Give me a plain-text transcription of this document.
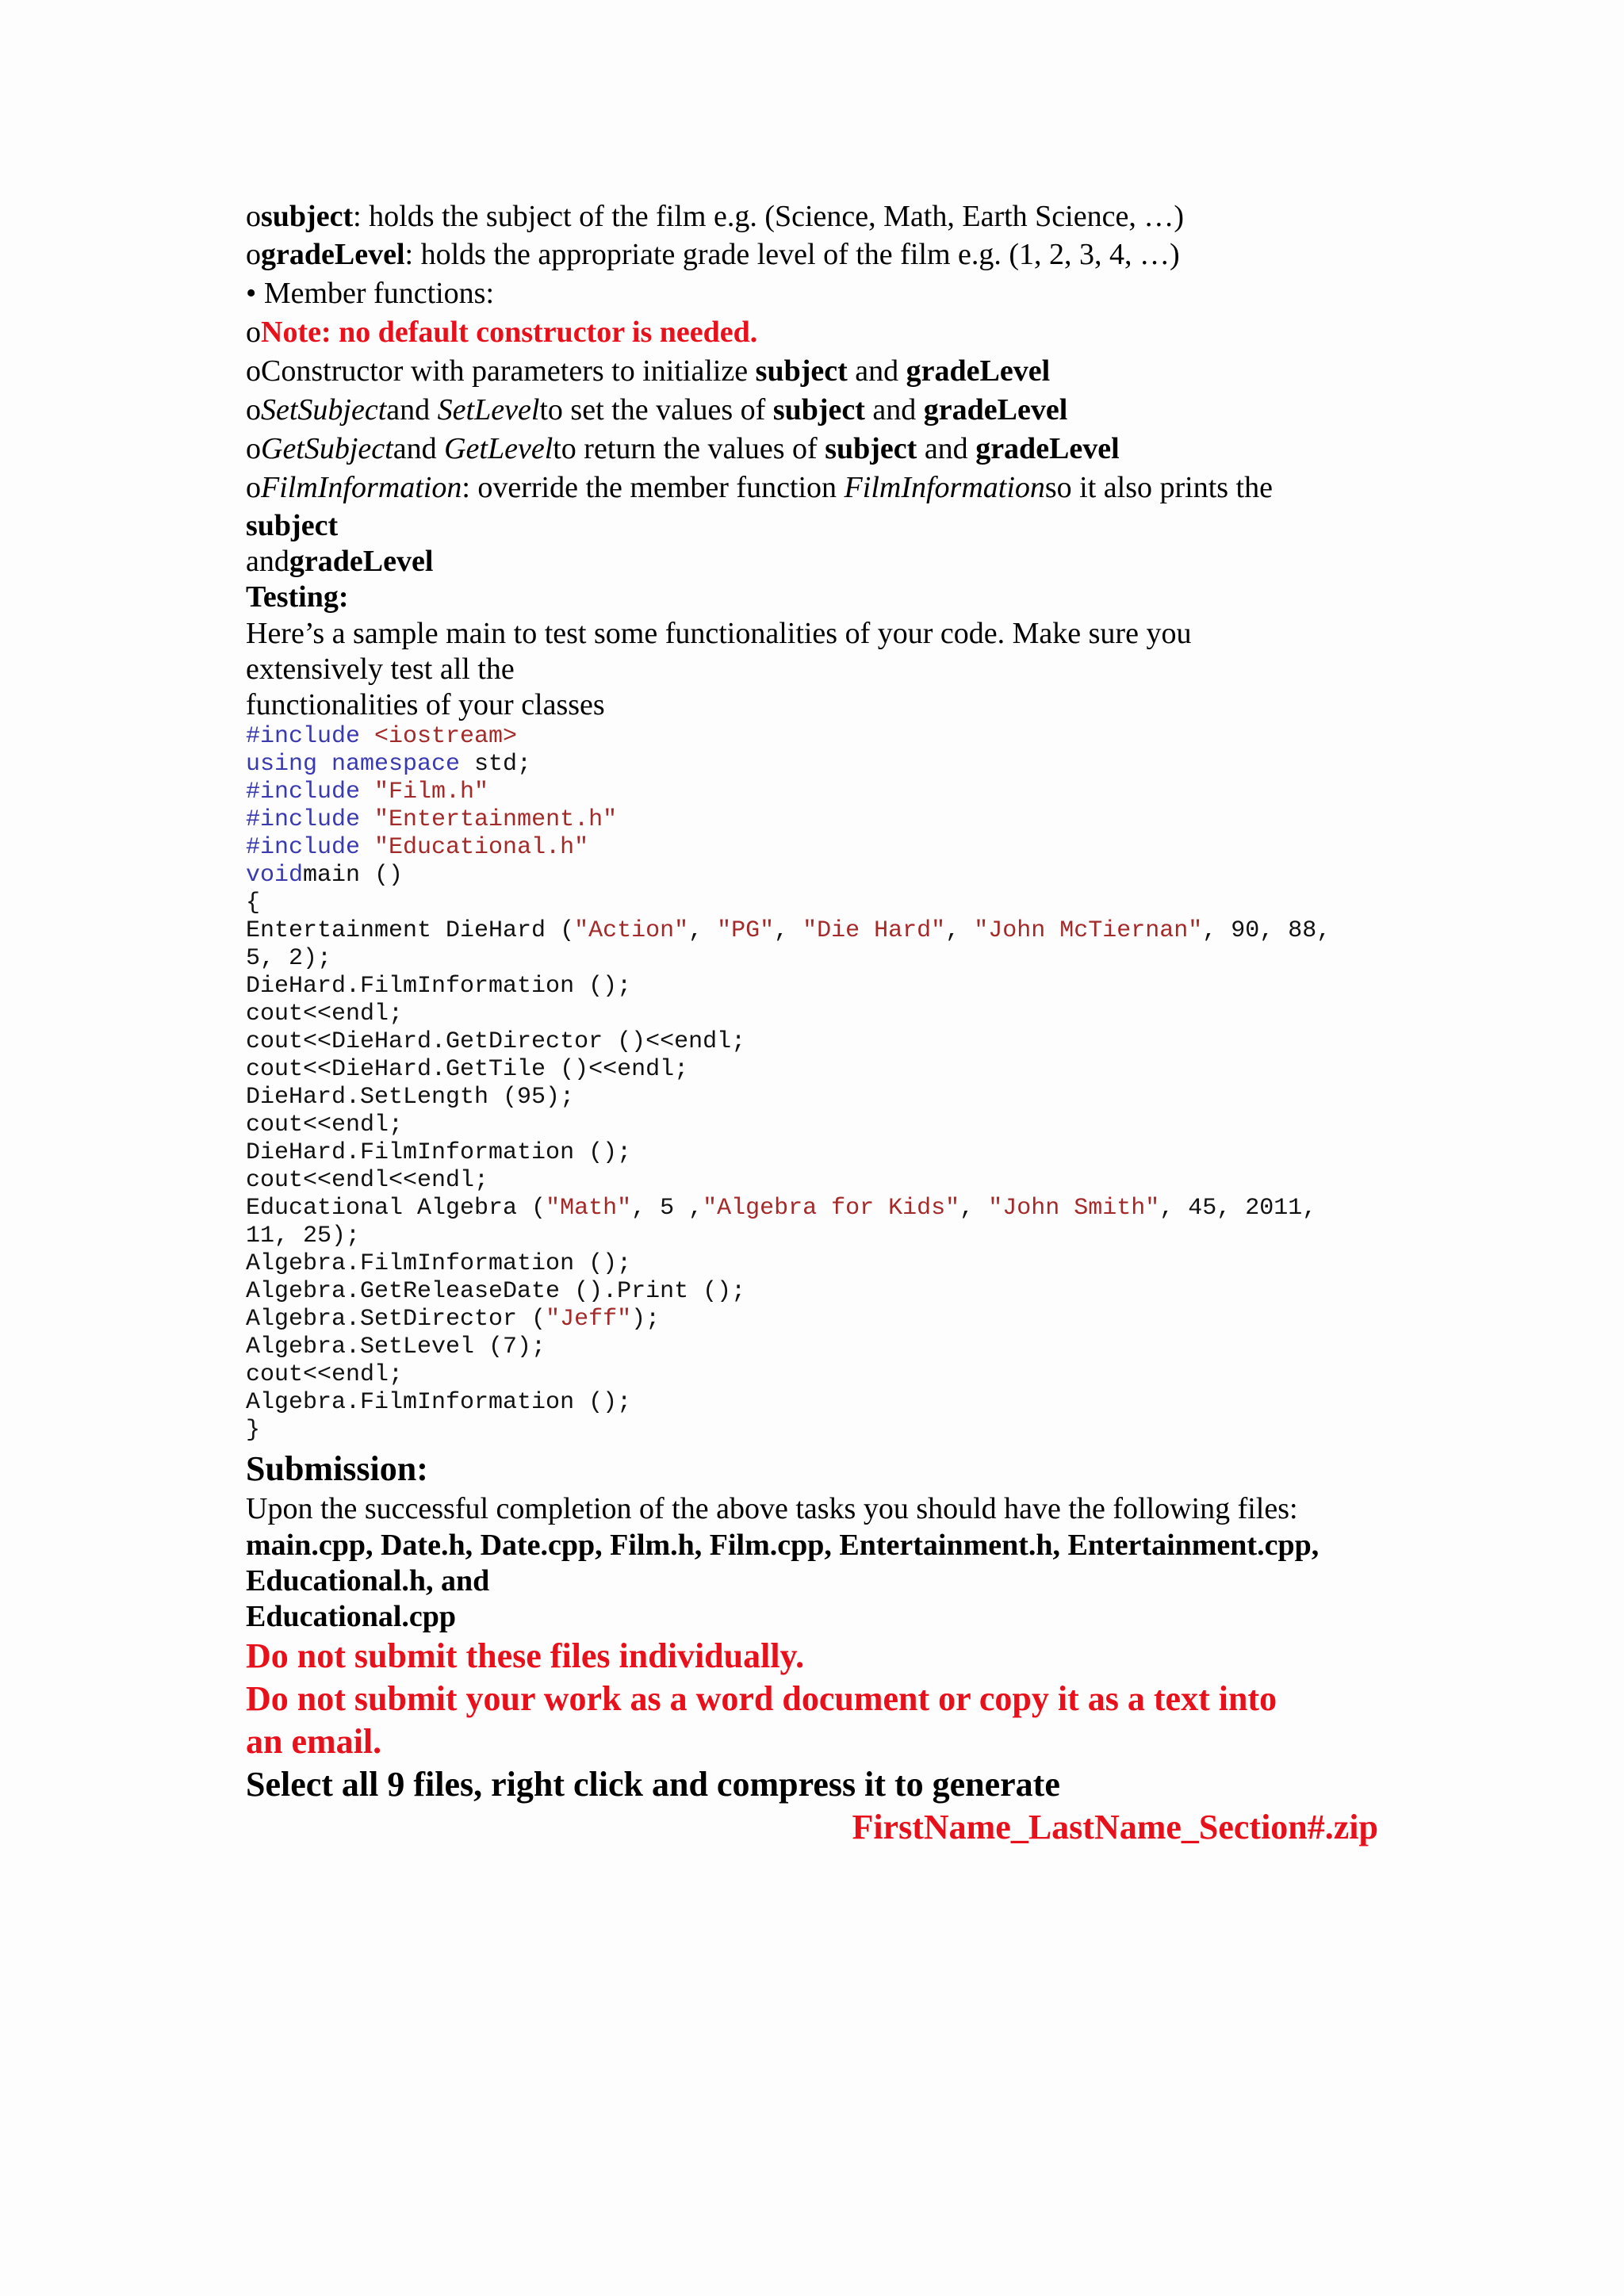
osubject: holds the subject of the film e.g. (Science, Math, Earth Science, …)
ogradeLevel: holds the appropriate grade level of the film e.g. (1, 2, 3, 4, …)
• Member functions:
oNote: no default constructor is needed.
oConstructor with parameters to initialize subject and gradeLevel
oSetSubjectand SetLevelto set the values of subject and gradeLevel
oGetSubjectand GetLevelto return the values of subject and gradeLevel
oFilmInformation: override the member function FilmInformationso it also prints the
subject
andgradeLevel
Testing:
Here’s a sample main to test some functionalities of your code. Make sure you
extensively test all the
functionalities of your classes
#include <iostream>
using namespace std;
#include "Film.h"
#include "Entertainment.h"
#include "Educational.h"
voidmain ()
{
Entertainment DieHard ("Action", "PG", "Die Hard", "John McTiernan", 90, 88,
5, 2);
DieHard.FilmInformation ();
cout<<endl;
cout<<DieHard.GetDirector ()<<endl;
cout<<DieHard.GetTile ()<<endl;
DieHard.SetLength (95);
cout<<endl;
DieHard.FilmInformation ();
cout<<endl<<endl;
Educational Algebra ("Math", 5 ,"Algebra for Kids", "John Smith", 45, 2011,
11, 25);
Algebra.FilmInformation ();
Algebra.GetReleaseDate ().Print ();
Algebra.SetDirector ("Jeff");
Algebra.SetLevel (7);
cout<<endl;
Algebra.FilmInformation ();
}
Submission:
Upon the successful completion of the above tasks you should have the following files:
main.cpp, Date.h, Date.cpp, Film.h, Film.cpp, Entertainment.h, Entertainment.cpp,
Educational.h, and
Educational.cpp
Do not submit these files individually.
Do not submit your work as a word document or copy it as a text into
an email.
Select all 9 files, right click and compress it to generate
FirstName_LastName_Section#.zip
